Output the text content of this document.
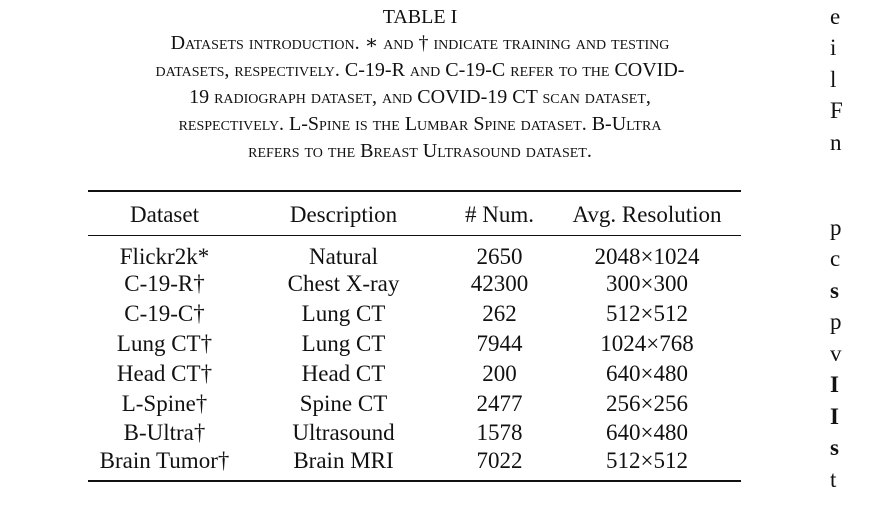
TABLE I
Datasets introduction. ∗ and † indicate training and testing
datasets, respectively. C-19-R and C-19-C refer to the COVID-
19 radiograph dataset, and COVID-19 CT scan dataset,
respectively. L-Spine is the Lumbar Spine dataset. B-Ultra
refers to the Breast Ultrasound dataset.
Dataset	Description	# Num.	Avg. Resolution
Flickr2k*	Natural	2650	2048×1024
C-19-R†	Chest X-ray	42300	300×300
C-19-C†	Lung CT	262	512×512
Lung CT†	Lung CT	7944	1024×768
Head CT†	Head CT	200	640×480
L-Spine†	Spine CT	2477	256×256
B-Ultra†	Ultrasound	1578	640×480
Brain Tumor†	Brain MRI	7022	512×512
e
i
l
F
n
p
c
s
p
v
I
I
s
t
